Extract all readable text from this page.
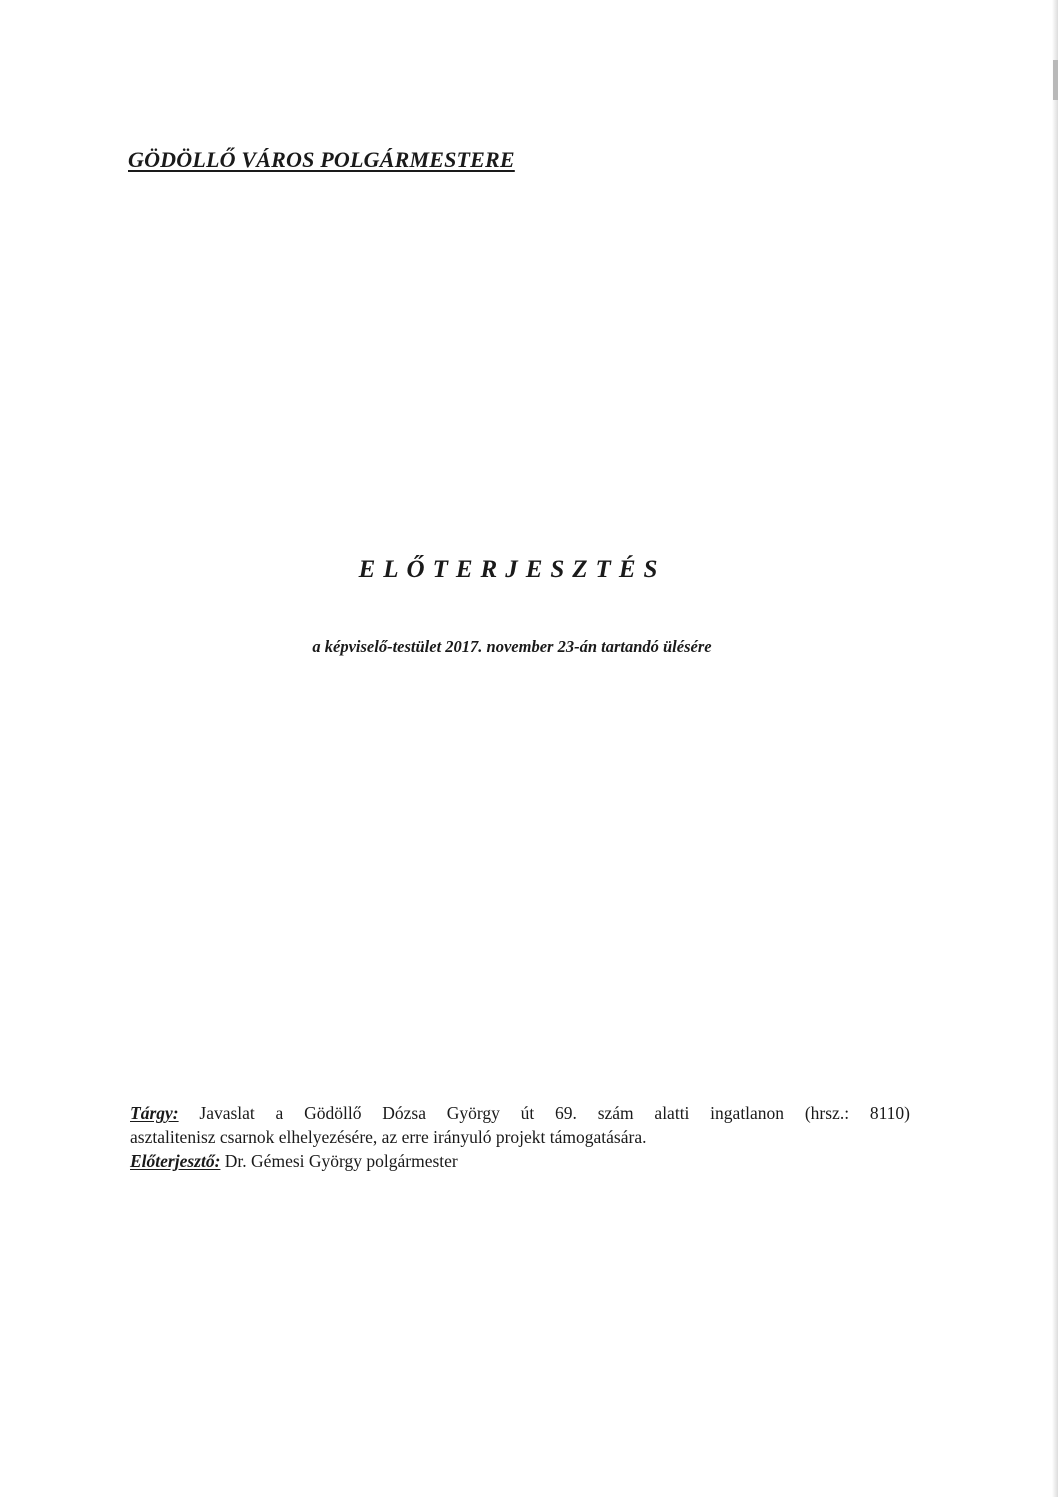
GÖDÖLLŐ VÁROS POLGÁRMESTERE
ELŐTERJESZTÉS
a képviselő-testület 2017. november 23-án tartandó ülésére
Tárgy: Javaslat a Gödöllő Dózsa György út 69. szám alatti ingatlanon (hrsz.: 8110)
asztalitenisz csarnok elhelyezésére, az erre irányuló projekt támogatására.
Előterjesztő: Dr. Gémesi György polgármester
